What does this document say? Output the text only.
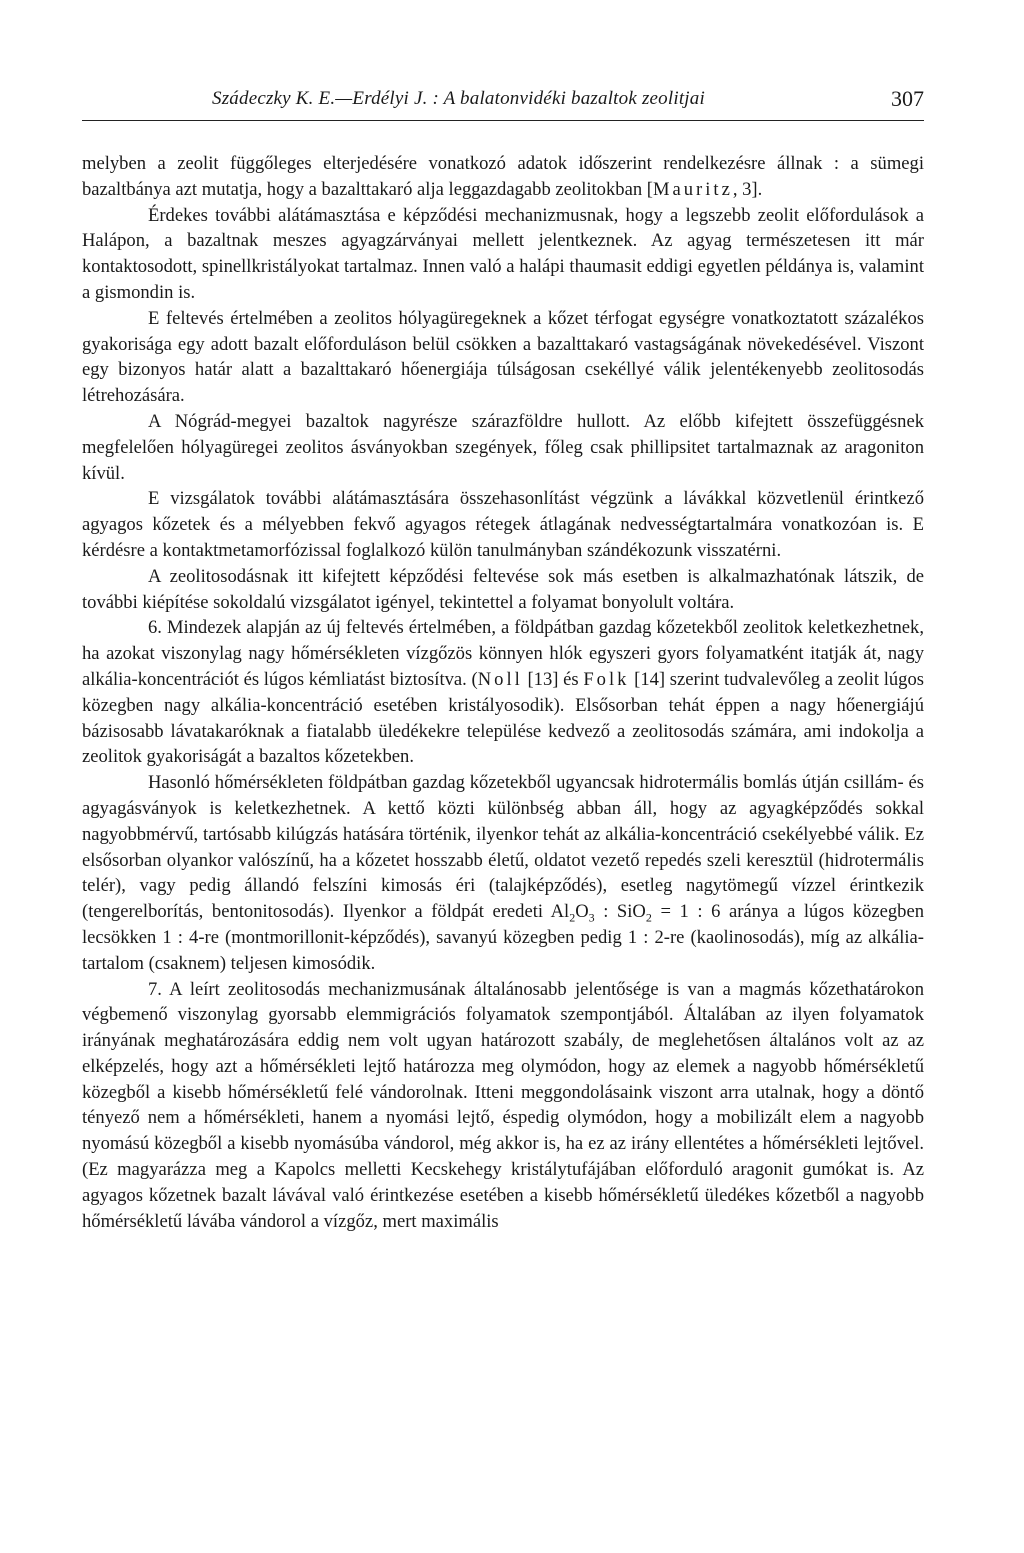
Szádeczky K. E.—Erdélyi J. : A balatonvidéki bazaltok zeolitjai	307

melyben a zeolit függőleges elterjedésére vonatkozó adatok időszerint rendelkezésre állnak : a sümegi bazaltbánya azt mutatja, hogy a bazalttakaró alja leggazdagabb zeolitokban [Mauritz, 3].

Érdekes további alátámasztása e képződési mechanizmusnak, hogy a legszebb zeolit előfordulások a Halápon, a bazaltnak meszes agyagzárványai mellett jelentkeznek. Az agyag természetesen itt már kontaktosodott, spinellkristályokat tartalmaz. Innen való a halápi thaumasit eddigi egyetlen példánya is, valamint a gismondin is.

E feltevés értelmében a zeolitos hólyagüregeknek a kőzet térfogat egységre vonatkoztatott százalékos gyakorisága egy adott bazalt előforduláson belül csökken a bazalttakaró vastagságának növekedésével. Viszont egy bizonyos határ alatt a bazalttakaró hőenergiája túlságosan csekéllyé válik jelentékenyebb zeolitosodás létrehozására.

A Nógrád-megyei bazaltok nagyrésze szárazföldre hullott. Az előbb kifejtett összefüggésnek megfelelően hólyagüregei zeolitos ásványokban szegények, főleg csak phillipsitet tartalmaznak az aragoniton kívül.

E vizsgálatok további alátámasztására összehasonlítást végzünk a lávákkal közvetlenül érintkező agyagos kőzetek és a mélyebben fekvő agyagos rétegek átlagának nedvességtartalmára vonatkozóan is. E kérdésre a kontaktmetamorfózissal foglalkozó külön tanulmányban szándékozunk visszatérni.

A zeolitosodásnak itt kifejtett képződési feltevése sok más esetben is alkalmazhatónak látszik, de további kiépítése sokoldalú vizsgálatot igényel, tekintettel a folyamat bonyolult voltára.

6. Mindezek alapján az új feltevés értelmében, a földpátban gazdag kőzetekből zeolitok keletkezhetnek, ha azokat viszonylag nagy hőmérsékleten vízgőzös könnyen hlók egyszeri gyors folyamatként itatják át, nagy alkália-koncentrációt és lúgos kémliatást biztosítva. (Noll [13] és Folk [14] szerint tudvalevőleg a zeolit lúgos közegben nagy alkália-koncentráció esetében kristályosodik). Elsősorban tehát éppen a nagy hőenergiájú bázisosabb lávatakaróknak a fiatalabb üledékekre települése kedvező a zeolitosodás számára, ami indokolja a zeolitok gyakoriságát a bazaltos kőzetekben.

Hasonló hőmérsékleten földpátban gazdag kőzetekből ugyancsak hidrotermális bomlás útján csillám- és agyagásványok is keletkezhetnek. A kettő közti különbség abban áll, hogy az agyagképződés sokkal nagyobbmérvű, tartósabb kilúgzás hatására történik, ilyenkor tehát az alkália-koncentráció csekélyebbé válik. Ez elsősorban olyankor valószínű, ha a kőzetet hosszabb életű, oldatot vezető repedés szeli keresztül (hidrotermális telér), vagy pedig állandó felszíni kimosás éri (talajképződés), esetleg nagytömegű vízzel érintkezik (tengerelborítás, bentonitosodás). Ilyenkor a földpát eredeti $Al_2O_3$ : SiO$_2$ = 1 : 6 aránya a lúgos közegben lecsökken 1 : 4-re (montmorillonit-képződés), savanyú közegben pedig 1 : 2-re (kaolinosodás), míg az alkália-tartalom (csaknem) teljesen kimosódik.

7. A leírt zeolitosodás mechanizmusának általánosabb jelentősége is van a magmás kőzethatárokon végbemenő viszonylag gyorsabb elemmigrációs folyamatok szempontjából. Általában az ilyen folyamatok irányának meghatározására eddig nem volt ugyan határozott szabály, de meglehetősen általános volt az az elképzelés, hogy azt a hőmérsékleti lejtő határozza meg olymódon, hogy az elemek a nagyobb hőmérsékletű közegből a kisebb hőmérsékletű felé vándorolnak. Itteni meggondolásaink viszont arra utalnak, hogy a döntő tényező nem a hőmérsékleti, hanem a nyomási lejtő, éspedig olymódon, hogy a mobilizált elem a nagyobb nyomású közegből a kisebb nyomásúba vándorol, még akkor is, ha ez az irány ellentétes a hőmérsékleti lejtővel. (Ez magyarázza meg a Kapolcs melletti Kecskehegy kristálytufájában előforduló aragonit gumókat is. Az agyagos kőzetnek bazalt lávával való érintkezése esetében a kisebb hőmérsékletű üledékes kőzetből a nagyobb hőmérsékletű lávába vándorol a vízgőz, mert maximális
